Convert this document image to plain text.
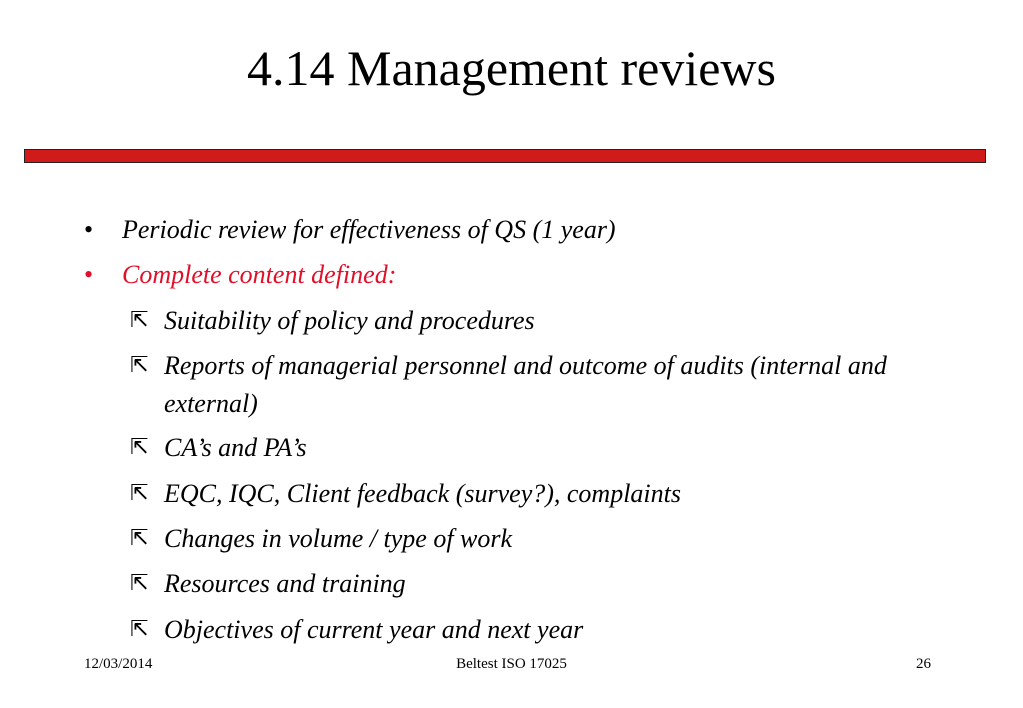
4.14 Management reviews
• Periodic review for effectiveness of QS (1 year)
• Complete content defined:
⇱ Suitability of policy and procedures
⇱ Reports of managerial personnel and outcome of audits (internal and external)
⇱ CA’s and PA’s
⇱ EQC, IQC, Client feedback (survey?), complaints
⇱ Changes in volume / type of work
⇱ Resources and training
⇱ Objectives of current year and next year
12/03/2014	Beltest ISO 17025	26
